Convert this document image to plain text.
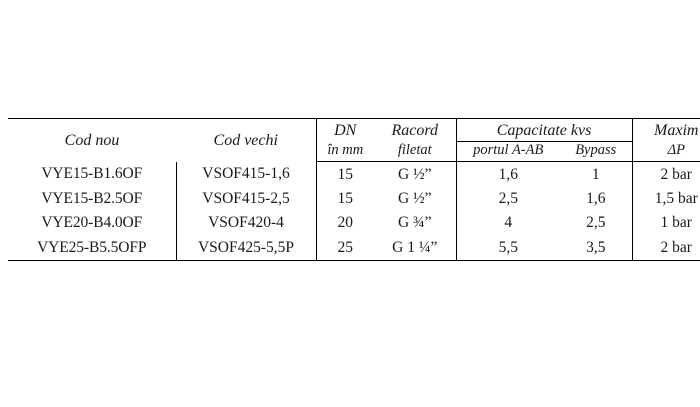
Cod nou	Cod vechi	DN	Racord	Capacitate kvs		Maxim
		în mm	filetat	portul A-AB	Bypass	ΔP
VYE15-B1.6OF	VSOF415-1,6	15	G ½”	1,6	1	2 bar
VYE15-B2.5OF	VSOF415-2,5	15	G ½”	2,5	1,6	1,5 bar
VYE20-B4.0OF	VSOF420-4	20	G ¾”	4	2,5	1 bar
VYE25-B5.5OFP	VSOF425-5,5P	25	G 1 ¼”	5,5	3,5	2 bar
